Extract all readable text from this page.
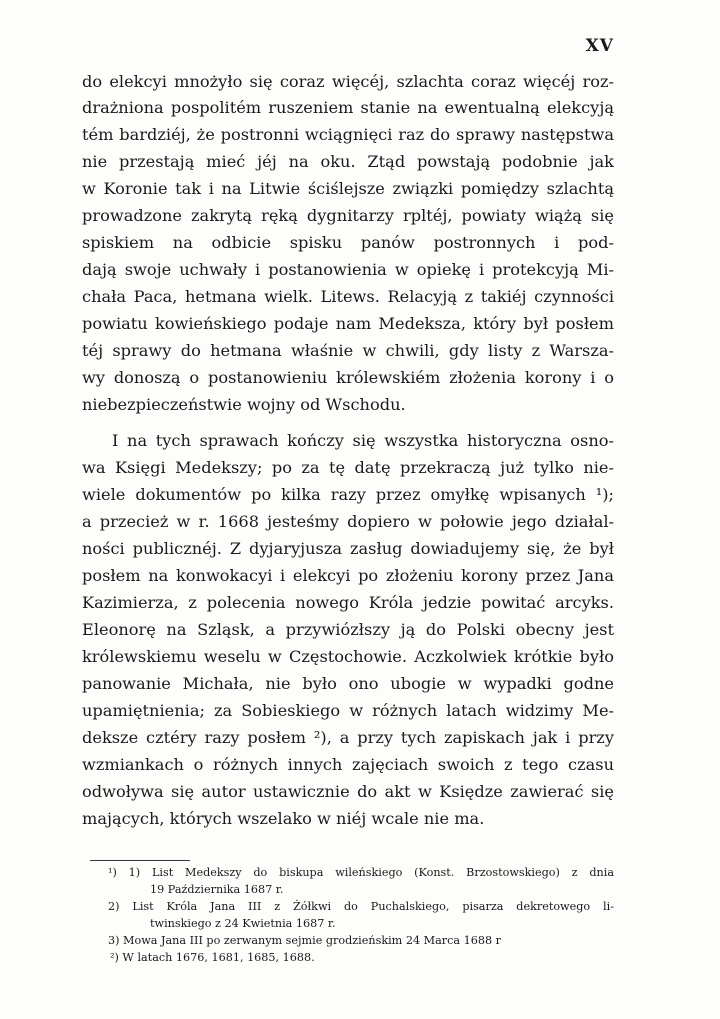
XV
do elekcyi mnożyło się coraz więcéj, szlachta coraz więcéj roz-
drażniona pospolitém ruszeniem stanie na ewentualną elekcyją
tém bardziéj, że postronni wciągnięci raz do sprawy następstwa
nie przestają mieć jéj na oku. Ztąd powstają podobnie jak
w Koronie tak i na Litwie ściślejsze związki pomiędzy szlachtą
prowadzone zakrytą ręką dygnitarzy rpltéj, powiaty wiążą się
spiskiem na odbicie spisku panów postronnych i pod-
dają swoje uchwały i postanowienia w opiekę i protekcyją Mi-
chała Paca, hetmana wielk. Litews. Relacyją z takiéj czynności
powiatu kowieńskiego podaje nam Medeksza, który był posłem
téj sprawy do hetmana właśnie w chwili, gdy listy z Warsza-
wy donoszą o postanowieniu królewskiém złożenia korony i o
niebezpieczeństwie wojny od Wschodu.
I na tych sprawach kończy się wszystka historyczna osno-
wa Księgi Medekszy; po za tę datę przekraczą już tylko nie-
wiele dokumentów po kilka razy przez omyłkę wpisanych ¹);
a przecież w r. 1668 jesteśmy dopiero w połowie jego działal-
ności publicznéj. Z dyjaryjusza zasług dowiadujemy się, że był
posłem na konwokacyi i elekcyi po złożeniu korony przez Jana
Kazimierza, z polecenia nowego Króla jedzie powitać arcyks.
Eleonorę na Szląsk, a przywiózłszy ją do Polski obecny jest
królewskiemu weselu w Częstochowie. Aczkolwiek krótkie było
panowanie Michała, nie było ono ubogie w wypadki godne
upamiętnienia; za Sobieskiego w różnych latach widzimy Me-
deksze cztéry razy posłem ²), a przy tych zapiskach jak i przy
wzmiankach o różnych innych zajęciach swoich z tego czasu
odwoływa się autor ustawicznie do akt w Księdze zawierać się
mających, których wszelako w niéj wcale nie ma.
¹) 1) List Medekszy do biskupa wileńskiego (Konst. Brzostowskiego) z dnia
19 Października 1687 r.
2) List Króla Jana III z Żółkwi do Puchalskiego, pisarza dekretowego li-
twinskiego z 24 Kwietnia 1687 r.
3) Mowa Jana III po zerwanym sejmie grodzieńskim 24 Marca 1688 r
²) W latach 1676, 1681, 1685, 1688.
